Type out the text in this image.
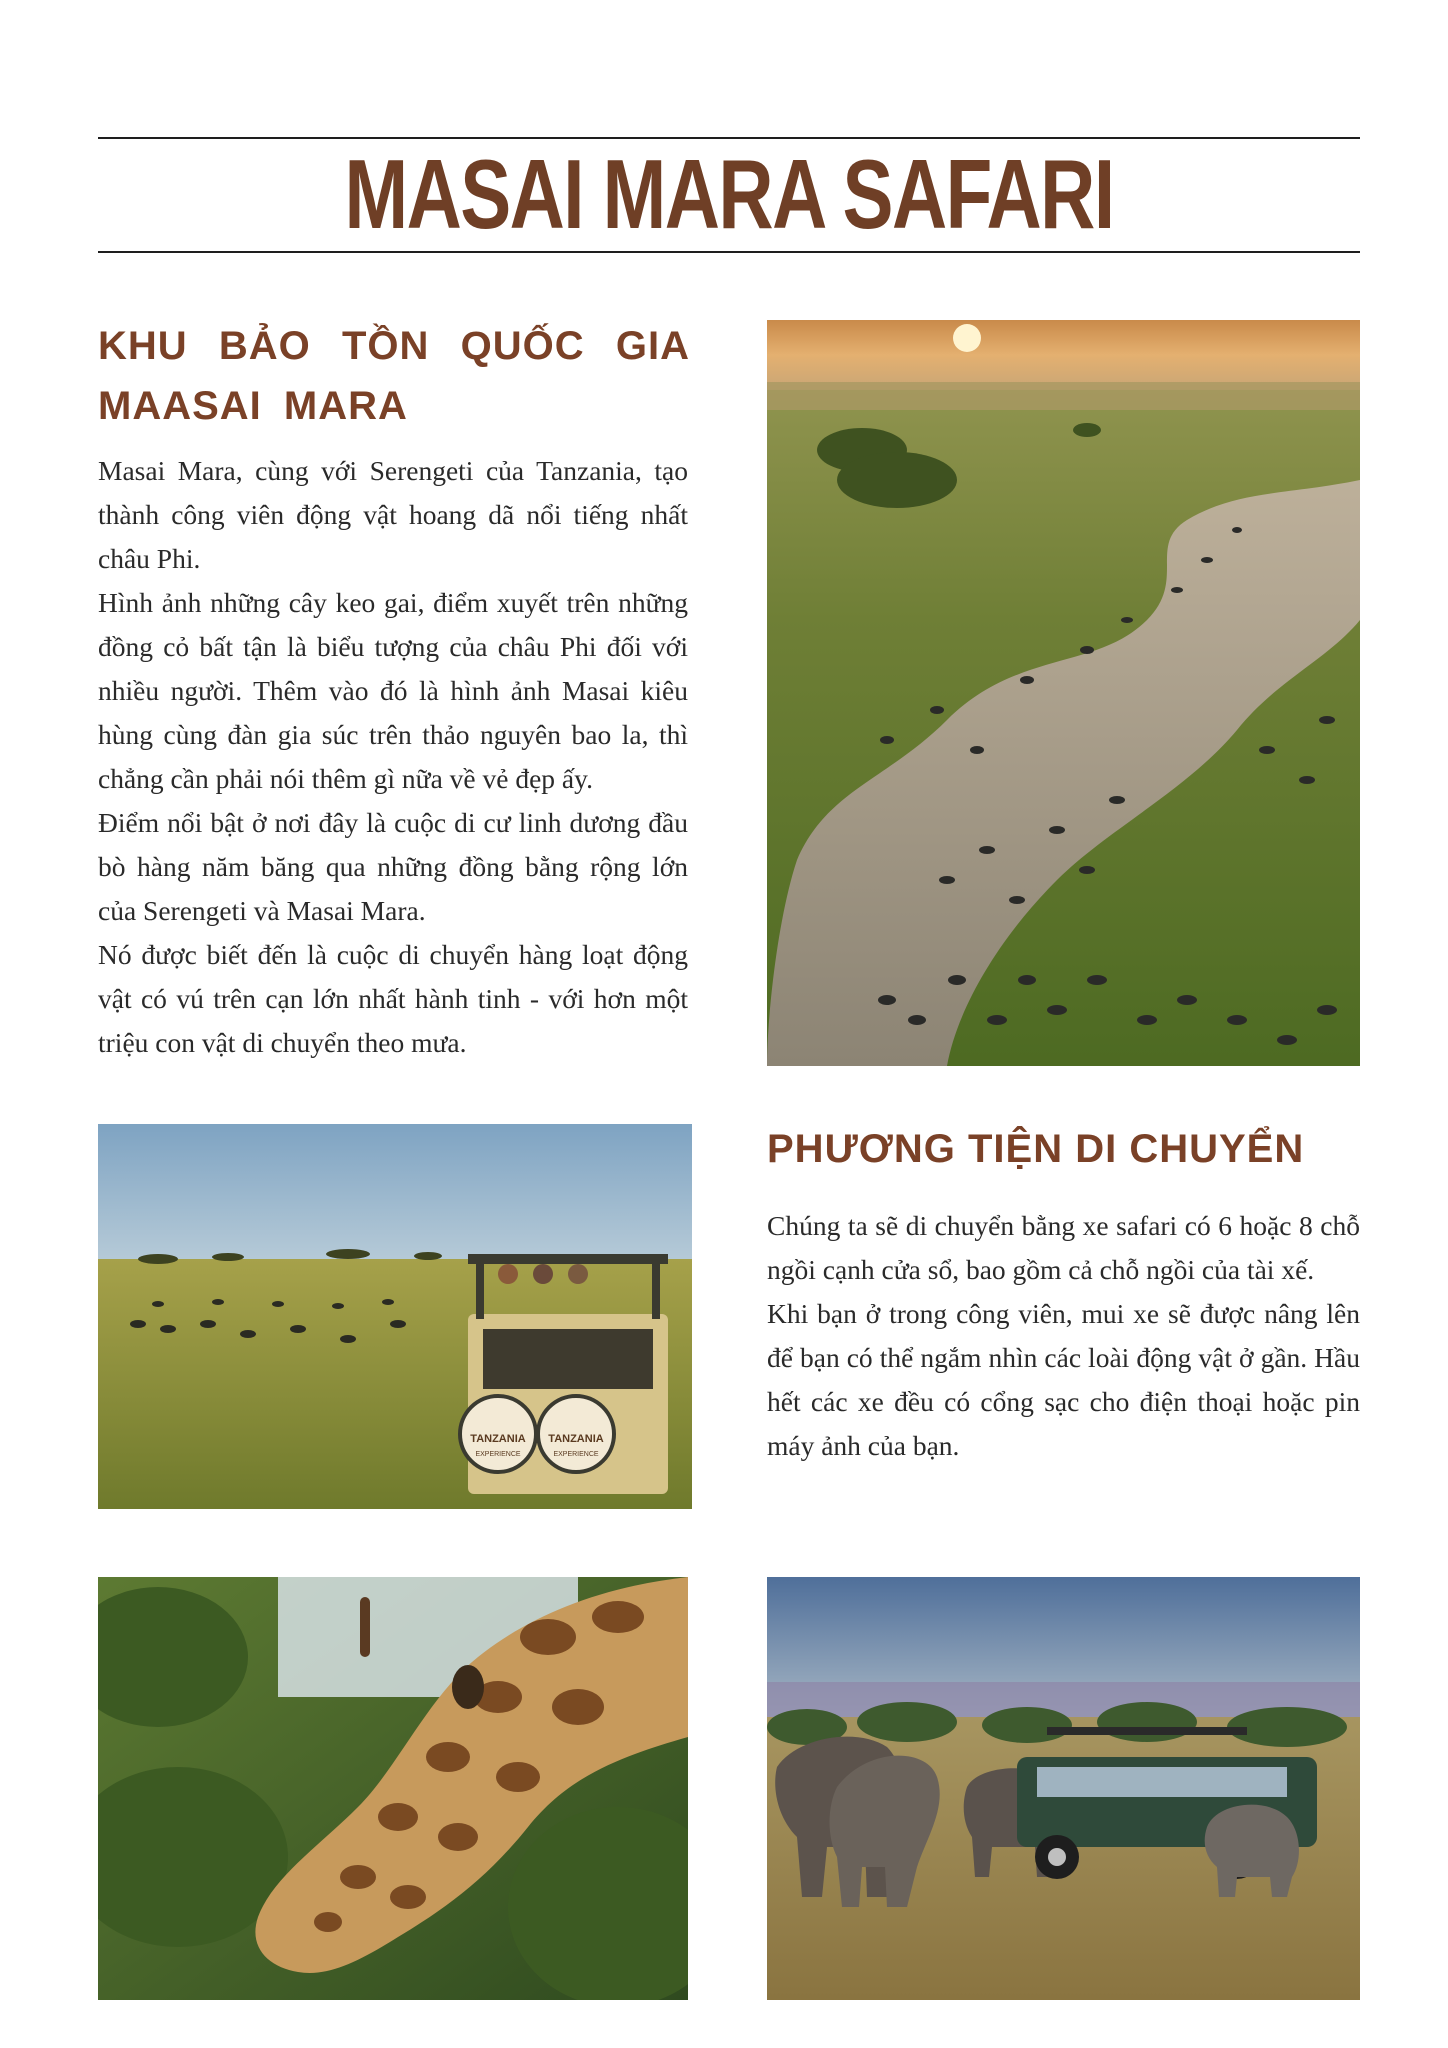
MASAI MARA SAFARI
KHU BẢO TỒN QUỐC GIA MAASAI MARA

Masai Mara, cùng với Serengeti của Tanzania, tạo thành công viên động vật hoang dã nổi tiếng nhất châu Phi.

Hình ảnh những cây keo gai, điểm xuyết trên những đồng cỏ bất tận là biểu tượng của châu Phi đối với nhiều người. Thêm vào đó là hình ảnh Masai kiêu hùng cùng đàn gia súc trên thảo nguyên bao la, thì chẳng cần phải nói thêm gì nữa về vẻ đẹp ấy.

Điểm nổi bật ở nơi đây là cuộc di cư linh dương đầu bò hàng năm băng qua những đồng bằng rộng lớn của Serengeti và Masai Mara.

Nó được biết đến là cuộc di chuyển hàng loạt động vật có vú trên cạn lớn nhất hành tinh - với hơn một triệu con vật di chuyển theo mưa.

TANZANIA TANZANIA
EXPERIENCE	EXPERIENCE
PHƯƠNG TIỆN DI CHUYỂN

Chúng ta sẽ di chuyển bằng xe safari có 6 hoặc 8 chỗ ngồi cạnh cửa sổ, bao gồm cả chỗ ngồi của tài xế.

Khi bạn ở trong công viên, mui xe sẽ được nâng lên để bạn có thể ngắm nhìn các loài động vật ở gần. Hầu hết các xe đều có cổng sạc cho điện thoại hoặc pin máy ảnh của bạn.
